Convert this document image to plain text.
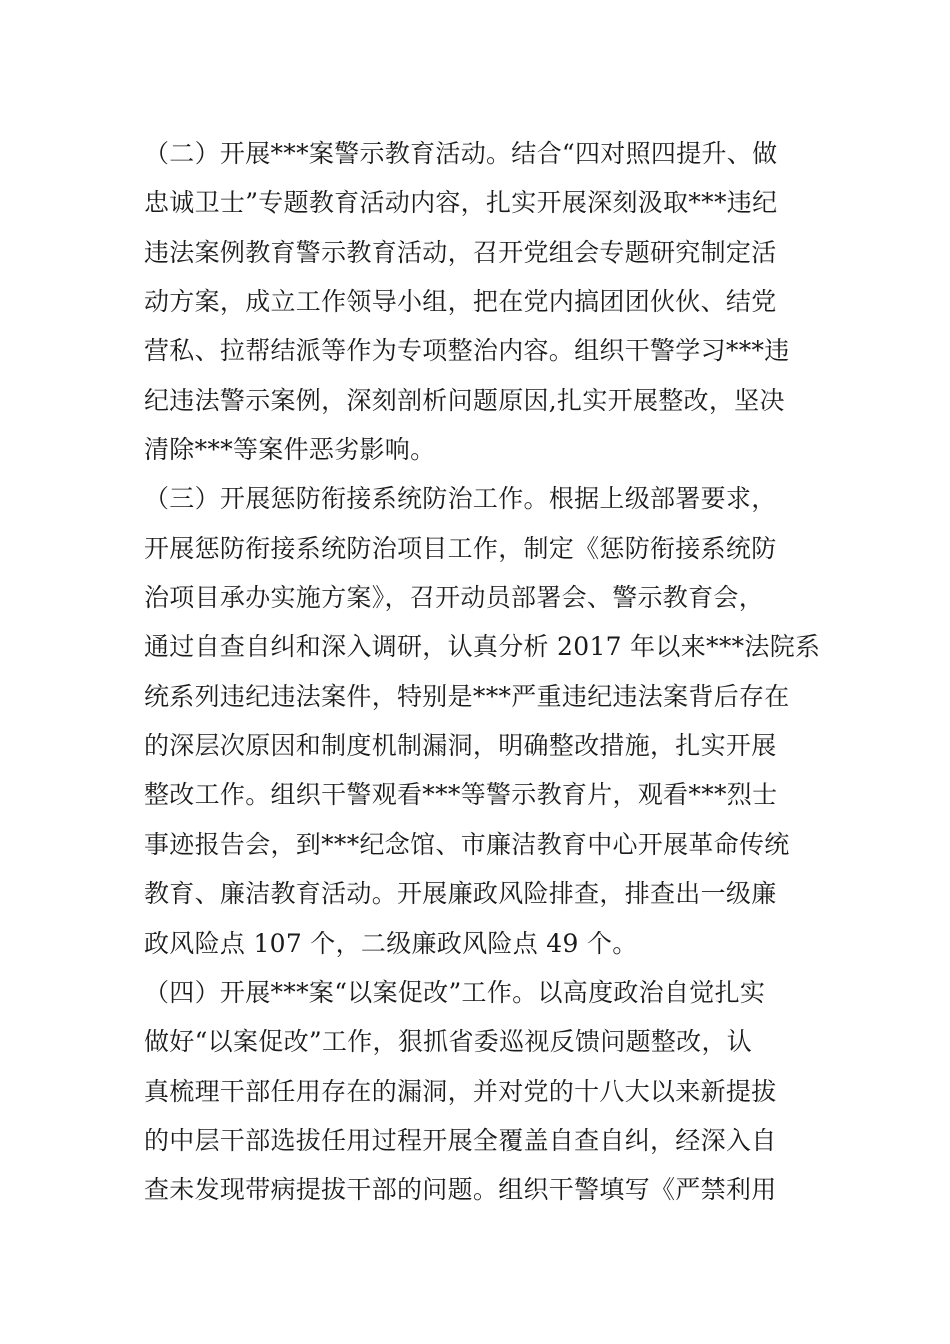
（二）开展***案警示教育活动。结合“四对照四提升、做
忠诚卫士”专题教育活动内容，扎实开展深刻汲取***违纪
违法案例教育警示教育活动，召开党组会专题研究制定活
动方案，成立工作领导小组，把在党内搞团团伙伙、结党
营私、拉帮结派等作为专项整治内容。组织干警学习***违
纪违法警示案例，深刻剖析问题原因,扎实开展整改，坚决
清除***等案件恶劣影响。
（三）开展惩防衔接系统防治工作。根据上级部署要求，
开展惩防衔接系统防治项目工作，制定《惩防衔接系统防
治项目承办实施方案》，召开动员部署会、警示教育会，
通过自查自纠和深入调研，认真分析 2017 年以来***法院系
统系列违纪违法案件，特别是***严重违纪违法案背后存在
的深层次原因和制度机制漏洞，明确整改措施，扎实开展
整改工作。组织干警观看***等警示教育片，观看***烈士
事迹报告会，到***纪念馆、市廉洁教育中心开展革命传统
教育、廉洁教育活动。开展廉政风险排查，排查出一级廉
政风险点 107 个，二级廉政风险点 49 个。
（四）开展***案“以案促改”工作。以高度政治自觉扎实
做好“以案促改”工作，狠抓省委巡视反馈问题整改，认
真梳理干部任用存在的漏洞，并对党的十八大以来新提拔
的中层干部选拔任用过程开展全覆盖自查自纠，经深入自
查未发现带病提拔干部的问题。组织干警填写《严禁利用
